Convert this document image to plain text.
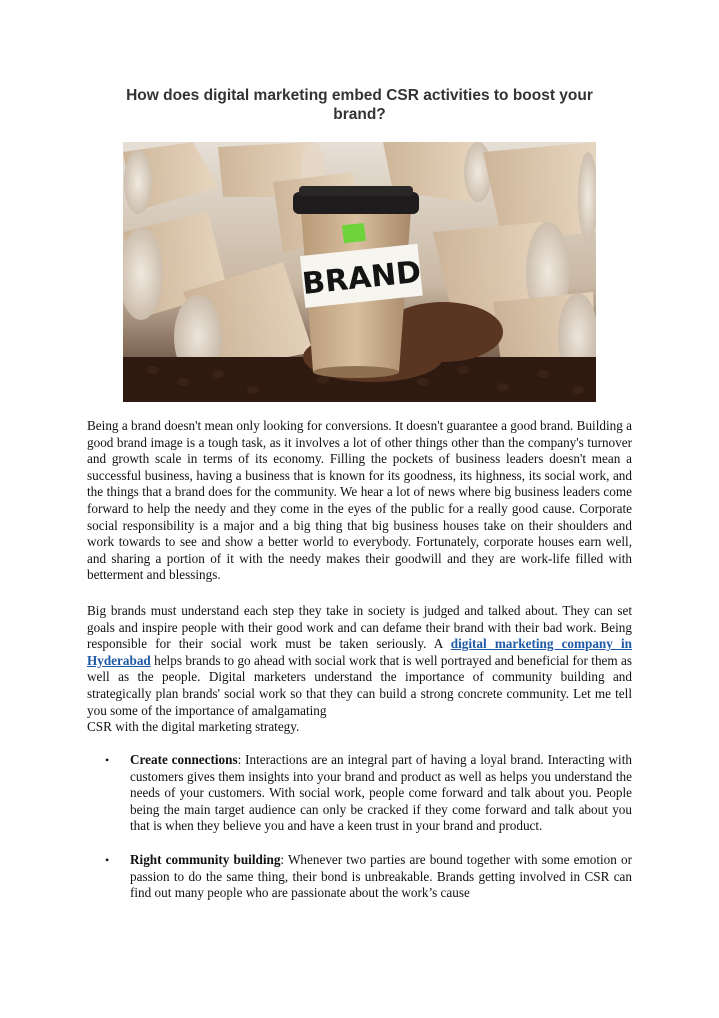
How does digital marketing embed CSR activities to boost your brand?
BRAND

Being a brand doesn't mean only looking for conversions. It doesn't guarantee a good brand. Building a good brand image is a tough task, as it involves a lot of other things other than the company's turnover and growth scale in terms of its economy. Filling the pockets of business leaders doesn't mean a successful business, having a business that is known for its goodness, its highness, its social work, and the things that a brand does for the community. We hear a lot of news where big business leaders come forward to help the needy and they come in the eyes of the public for a really good cause. Corporate social responsibility is a major and a big thing that big business houses take on their shoulders and work towards to see and show a better world to everybody. Fortunately, corporate houses earn well, and sharing a portion of it with the needy makes their goodwill and they are work-life filled with betterment and blessings.

Big brands must understand each step they take in society is judged and talked about. They can set goals and inspire people with their good work and can defame their brand with their bad work. Being responsible for their social work must be taken seriously. A digital marketing company in Hyderabad helps brands to go ahead with social work that is well portrayed and beneficial for them as well as the people. Digital marketers understand the importance of community building and strategically plan brands' social work so that they can build a strong concrete community. Let me tell you some of the importance of amalgamating
CSR with the digital marketing strategy.

• Create connections: Interactions are an integral part of having a loyal brand. Interacting with customers gives them insights into your brand and product as well as helps you understand the needs of your customers. With social work, people come forward and talk about you. People being the main target audience can only be cracked if they come forward and talk about you that is when they believe you and have a keen trust in your brand and product.
• Right community building: Whenever two parties are bound together with some emotion or passion to do the same thing, their bond is unbreakable. Brands getting involved in CSR can find out many people who are passionate about the work’s cause
